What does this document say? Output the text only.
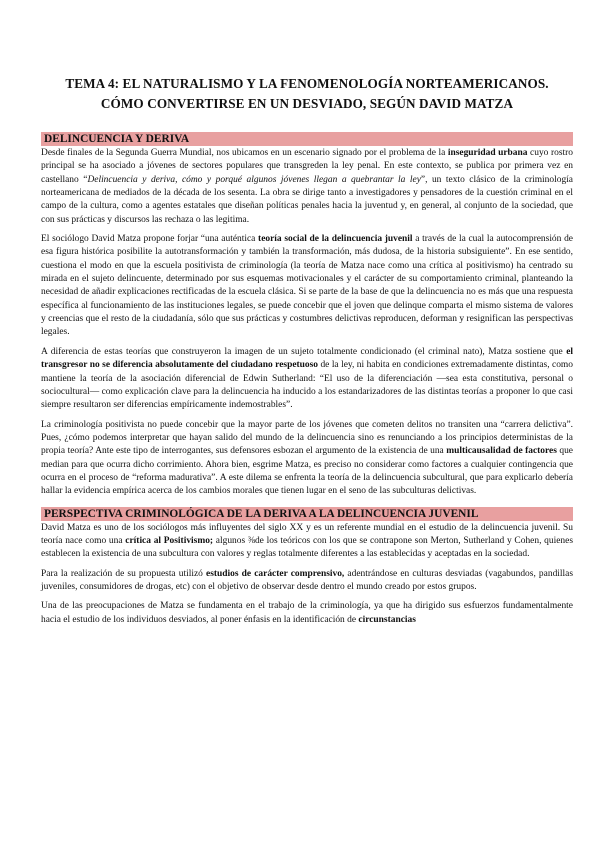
TEMA 4: EL NATURALISMO Y LA FENOMENOLOGÍA NORTEAMERICANOS.
CÓMO CONVERTIRSE EN UN DESVIADO, SEGÚN DAVID MATZA
DELINCUENCIA Y DERIVA

Desde finales de la Segunda Guerra Mundial, nos ubicamos en un escenario signado por el problema de la inseguridad urbana cuyo rostro principal se ha asociado a jóvenes de sectores populares que transgreden la ley penal. En este contexto, se publica por primera vez en castellano “Delincuencia y deriva, cómo y porqué algunos jóvenes llegan a quebrantar la ley”, un texto clásico de la criminología norteamericana de mediados de la década de los sesenta. La obra se dirige tanto a investigadores y pensadores de la cuestión criminal en el campo de la cultura, como a agentes estatales que diseñan políticas penales hacia la juventud y, en general, al conjunto de la sociedad, que con sus prácticas y discursos las rechaza o las legitima.

El sociólogo David Matza propone forjar “una auténtica teoría social de la delincuencia juvenil a través de la cual la autocomprensión de esa figura histórica posibilite la autotransformación y también la transformación, más dudosa, de la historia subsiguiente”. En ese sentido, cuestiona el modo en que la escuela positivista de criminología (la teoría de Matza nace como una crítica al positivismo) ha centrado su mirada en el sujeto delincuente, determinado por sus esquemas motivacionales y el carácter de su comportamiento criminal, planteando la necesidad de añadir explicaciones rectificadas de la escuela clásica. Si se parte de la base de que la delincuencia no es más que una respuesta específica al funcionamiento de las instituciones legales, se puede concebir que el joven que delinque comparta el mismo sistema de valores y creencias que el resto de la ciudadanía, sólo que sus prácticas y costumbres delictivas reproducen, deforman y resignifican las perspectivas legales.

A diferencia de estas teorías que construyeron la imagen de un sujeto totalmente condicionado (el criminal nato), Matza sostiene que el transgresor no se diferencia absolutamente del ciudadano respetuoso de la ley, ni habita en condiciones extremadamente distintas, como mantiene la teoría de la asociación diferencial de Edwin Sutherland: “El uso de la diferenciación —sea esta constitutiva, personal o sociocultural— como explicación clave para la delincuencia ha inducido a los estandarizadores de las distintas teorías a proponer lo que casi siempre resultaron ser diferencias empíricamente indemostrables”.

La criminología positivista no puede concebir que la mayor parte de los jóvenes que cometen delitos no transiten una “carrera delictiva”. Pues, ¿cómo podemos interpretar que hayan salido del mundo de la delincuencia sino es renunciando a los principios deterministas de la propia teoría? Ante este tipo de interrogantes, sus defensores esbozan el argumento de la existencia de una multicausalidad de factores que median para que ocurra dicho corrimiento. Ahora bien, esgrime Matza, es preciso no considerar como factores a cualquier contingencia que ocurra en el proceso de “reforma madurativa”. A este dilema se enfrenta la teoría de la delincuencia subcultural, que para explicarlo debería hallar la evidencia empírica acerca de los cambios morales que tienen lugar en el seno de las subculturas delictivas.

PERSPECTIVA CRIMINOLÓGICA DE LA DERIVA A LA DELINCUENCIA JUVENIL

David Matza es uno de los sociólogos más influyentes del siglo XX y es un referente mundial en el estudio de la delincuencia juvenil. Su teoría nace como una crítica al Positivismo; algunos ⅜de los teóricos con los que se contrapone son Merton, Sutherland y Cohen, quienes establecen la existencia de una subcultura con valores y reglas totalmente diferentes a las establecidas y aceptadas en la sociedad.

Para la realización de su propuesta utilizó estudios de carácter comprensivo, adentrándose en culturas desviadas (vagabundos, pandillas juveniles, consumidores de drogas, etc) con el objetivo de observar desde dentro el mundo creado por estos grupos.

Una de las preocupaciones de Matza se fundamenta en el trabajo de la criminología, ya que ha dirigido sus esfuerzos fundamentalmente hacia el estudio de los individuos desviados, al poner énfasis en la identificación de circunstancias
